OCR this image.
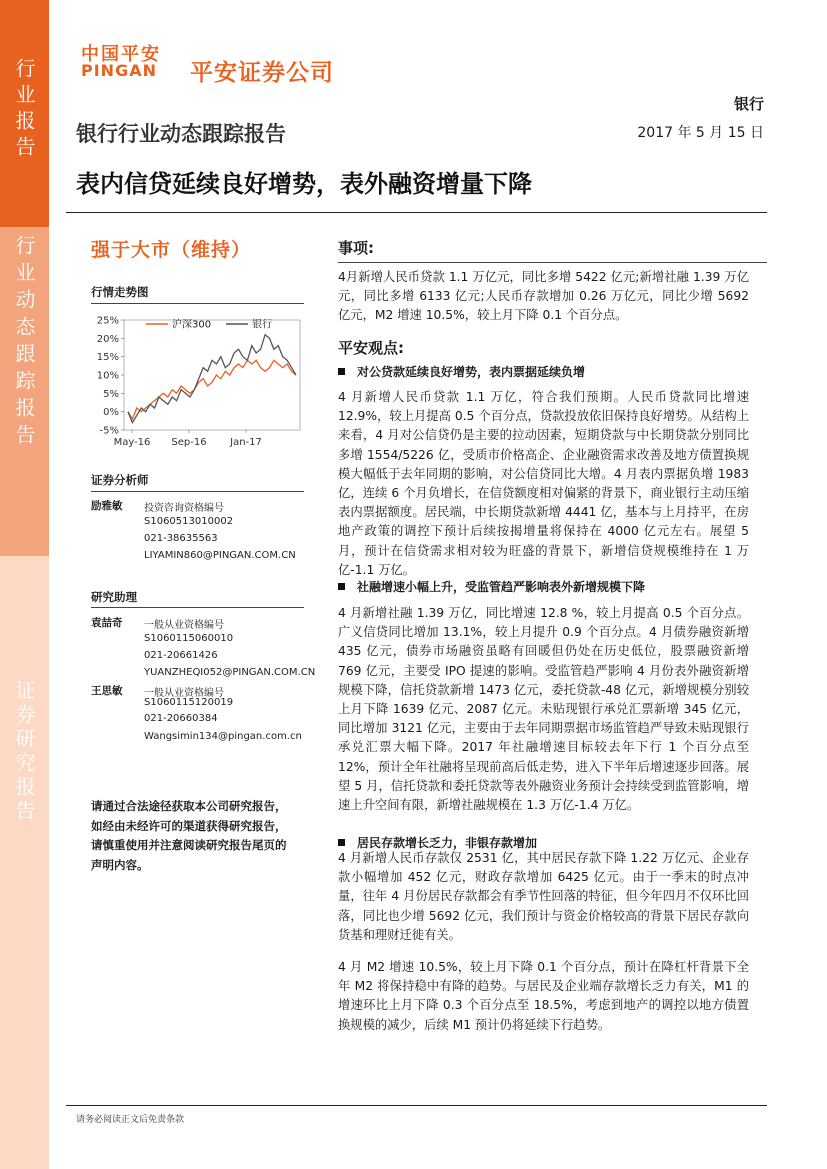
行业报告
行业动态跟踪报告
证券研究报告
中国平安
PINGAN 平安证券公司
银行
2017 年 5 月 15 日
银行行业动态跟踪报告
表内信贷延续良好增势，表外融资增量下降
强于大市（维持）
行情走势图
25%
20%
15%
10%
5%
0%
-5%
May-16 Sep-16 Jan-17
沪深300	银行
证券分析师
励雅敏 投资咨询资格编号
S1060513010002
021-38635563
LIYAMIN860@PINGAN.COM.CN
研究助理
袁喆奇 一般从业资格编号
S1060115060010
021-20661426
YUANZHEQI052@PINGAN.COM.CN
王思敏 一般从业资格编号
S1060115120019
021-20660384
Wangsimin134@pingan.com.cn
请通过合法途径获取本公司研究报告，如经由未经许可的渠道获得研究报告，请慎重使用并注意阅读研究报告尾页的声明内容。
事项:
4月新增人民币贷款 1.1 万亿元，同比多增 5422 亿元;新增社融 1.39 万亿元，同比多增 6133 亿元;人民币存款增加 0.26 万亿元，同比少增 5692 亿元，M2 增速 10.5%，较上月下降 0.1 个百分点。
平安观点:
对公贷款延续良好增势，表内票据延续负增
4 月新增人民币贷款 1.1 万亿，符合我们预期。人民币贷款同比增速 12.9%，较上月提高 0.5 个百分点，贷款投放依旧保持良好增势。从结构上来看，4 月对公信贷仍是主要的拉动因素，短期贷款与中长期贷款分别同比多增 1554/5226 亿，受质市价格高企、企业融资需求改善及地方债置换规模大幅低于去年同期的影响，对公信贷同比大增。4 月表内票据负增 1983 亿，连续 6 个月负增长，在信贷额度相对偏紧的背景下，商业银行主动压缩表内票据额度。居民端，中长期贷款新增 4441 亿，基本与上月持平，在房地产政策的调控下预计后续按揭增量将保持在 4000 亿元左右。展望 5 月，预计在信贷需求相对较为旺盛的背景下，新增信贷规模维持在 1 万亿-1.1 万亿。
社融增速小幅上升，受监管趋严影响表外新增规模下降
4 月新增社融 1.39 万亿，同比增速 12.8 %，较上月提高 0.5 个百分点。广义信贷同比增加 13.1%，较上月提升 0.9 个百分点。4 月债券融资新增 435 亿元，债券市场融资虽略有回暖但仍处在历史低位，股票融资新增 769 亿元，主要受 IPO 提速的影响。受监管趋严影响 4 月份表外融资新增规模下降，信托贷款新增 1473 亿元，委托贷款-48 亿元，新增规模分别较上月下降 1639 亿元、2087 亿元。未贴现银行承兑汇票新增 345 亿元，同比增加 3121 亿元，主要由于去年同期票据市场监管趋严导致未贴现银行承兑汇票大幅下降。2017 年社融增速目标较去年下行 1 个百分点至 12%，预计全年社融将呈现前高后低走势，进入下半年后增速逐步回落。展望 5 月，信托贷款和委托贷款等表外融资业务预计会持续受到监管影响，增速上升空间有限，新增社融规模在 1.3 万亿-1.4 万亿。
居民存款增长乏力，非银存款增加
4 月新增人民币存款仅 2531 亿，其中居民存款下降 1.22 万亿元、企业存款小幅增加 452 亿元，财政存款增加 6425 亿元。由于一季末的时点冲量，往年 4 月份居民存款都会有季节性回落的特征，但今年四月不仅环比回落，同比也少增 5692 亿元，我们预计与资金价格较高的背景下居民存款向货基和理财迁徙有关。
4 月 M2 增速 10.5%，较上月下降 0.1 个百分点，预计在降杠杆背景下全年 M2 将保持稳中有降的趋势。与居民及企业端存款增长乏力有关，M1 的增速环比上月下降 0.3 个百分点至 18.5%，考虑到地产的调控以地方债置换规模的减少，后续 M1 预计仍将延续下行趋势。
请务必阅读正文后免责条款
